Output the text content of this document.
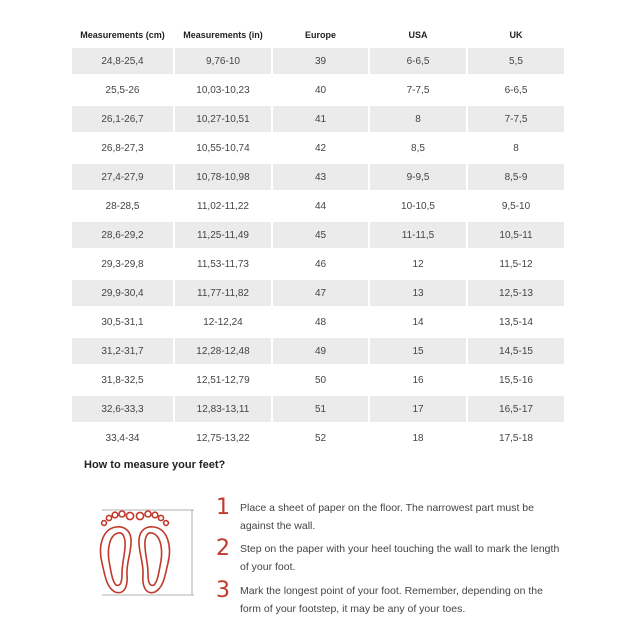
Measurements (cm)	Measurements (in)	Europe	USA	UK
24,8-25,4	9,76-10	39	6-6,5	5,5
25,5-26	10,03-10,23	40	7-7,5	6-6,5
26,1-26,7	10,27-10,51	41	8	7-7,5
26,8-27,3	10,55-10,74	42	8,5	8
27,4-27,9	10,78-10,98	43	9-9,5	8,5-9
28-28,5	11,02-11,22	44	10-10,5	9,5-10
28,6-29,2	11,25-11,49	45	11-11,5	10,5-11
29,3-29,8	11,53-11,73	46	12	11,5-12
29,9-30,4	11,77-11,82	47	13	12,5-13
30,5-31,1	12-12,24	48	14	13,5-14
31,2-31,7	12,28-12,48	49	15	14,5-15
31,8-32,5	12,51-12,79	50	16	15,5-16
32,6-33,3	12,83-13,11	51	17	16,5-17
33,4-34	12,75-13,22	52	18	17,5-18
How to measure your feet?
1 Place a sheet of paper on the floor. The narrowest part must be against the wall.
2 Step on the paper with your heel touching the wall to mark the length of your foot.
3 Mark the longest point of your foot. Remember, depending on the form of your footstep, it may be any of your toes.
